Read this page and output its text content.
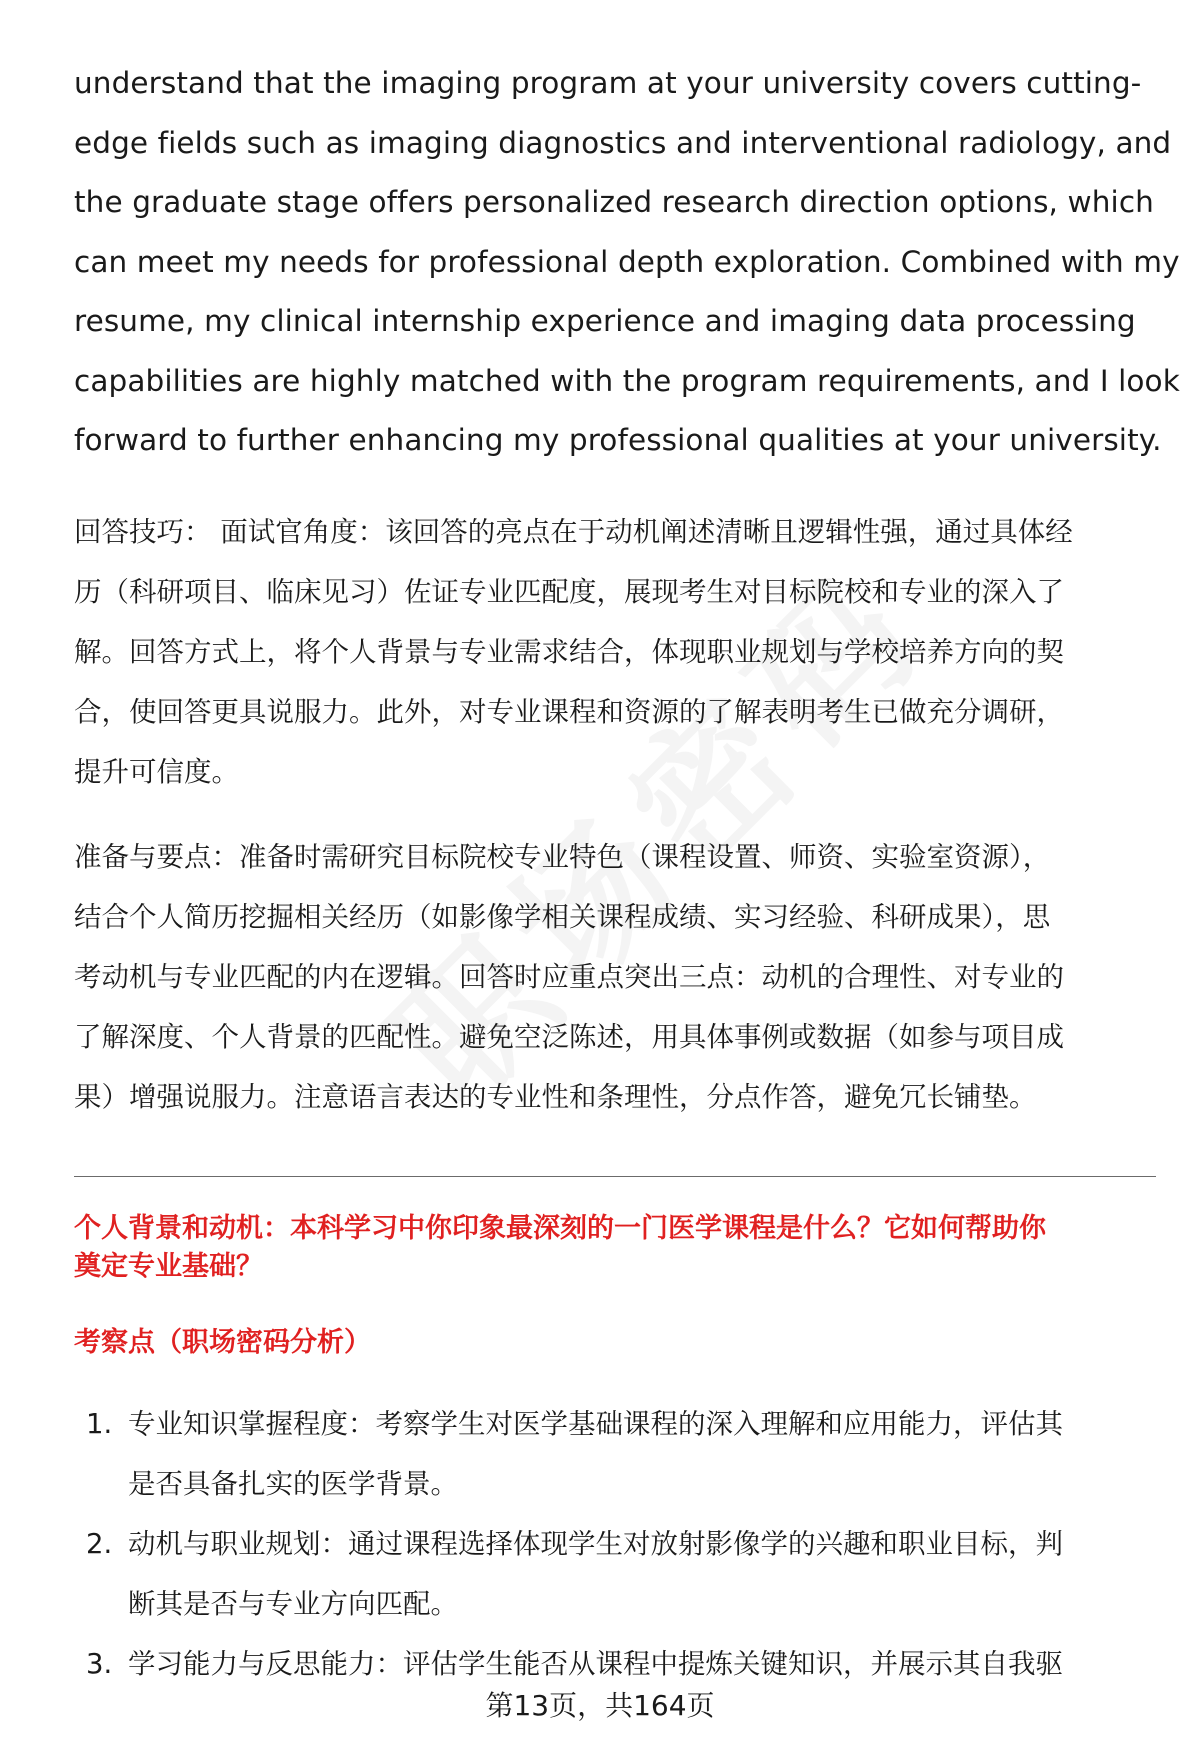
understand that the imaging program at your university covers cutting-
edge fields such as imaging diagnostics and interventional radiology, and
the graduate stage offers personalized research direction options, which
can meet my needs for professional depth exploration. Combined with my
resume, my clinical internship experience and imaging data processing
capabilities are highly matched with the program requirements, and I look
forward to further enhancing my professional qualities at your university.
回答技巧： 面试官角度：该回答的亮点在于动机阐述清晰且逻辑性强，通过具体经
历（科研项目、临床见习）佐证专业匹配度，展现考生对目标院校和专业的深入了
解。回答方式上，将个人背景与专业需求结合，体现职业规划与学校培养方向的契
合，使回答更具说服力。此外，对专业课程和资源的了解表明考生已做充分调研，
提升可信度。
准备与要点：准备时需研究目标院校专业特色（课程设置、师资、实验室资源），
结合个人简历挖掘相关经历（如影像学相关课程成绩、实习经验、科研成果），思
考动机与专业匹配的内在逻辑。回答时应重点突出三点：动机的合理性、对专业的
了解深度、个人背景的匹配性。避免空泛陈述，用具体事例或数据（如参与项目成
果）增强说服力。注意语言表达的专业性和条理性，分点作答，避免冗长铺垫。
个人背景和动机：本科学习中你印象最深刻的一门医学课程是什么？它如何帮助你
奠定专业基础？
考察点（职场密码分析）
1. 专业知识掌握程度：考察学生对医学基础课程的深入理解和应用能力，评估其
是否具备扎实的医学背景。
2. 动机与职业规划：通过课程选择体现学生对放射影像学的兴趣和职业目标，判
断其是否与专业方向匹配。
3. 学习能力与反思能力：评估学生能否从课程中提炼关键知识，并展示其自我驱
第13页，共164页
